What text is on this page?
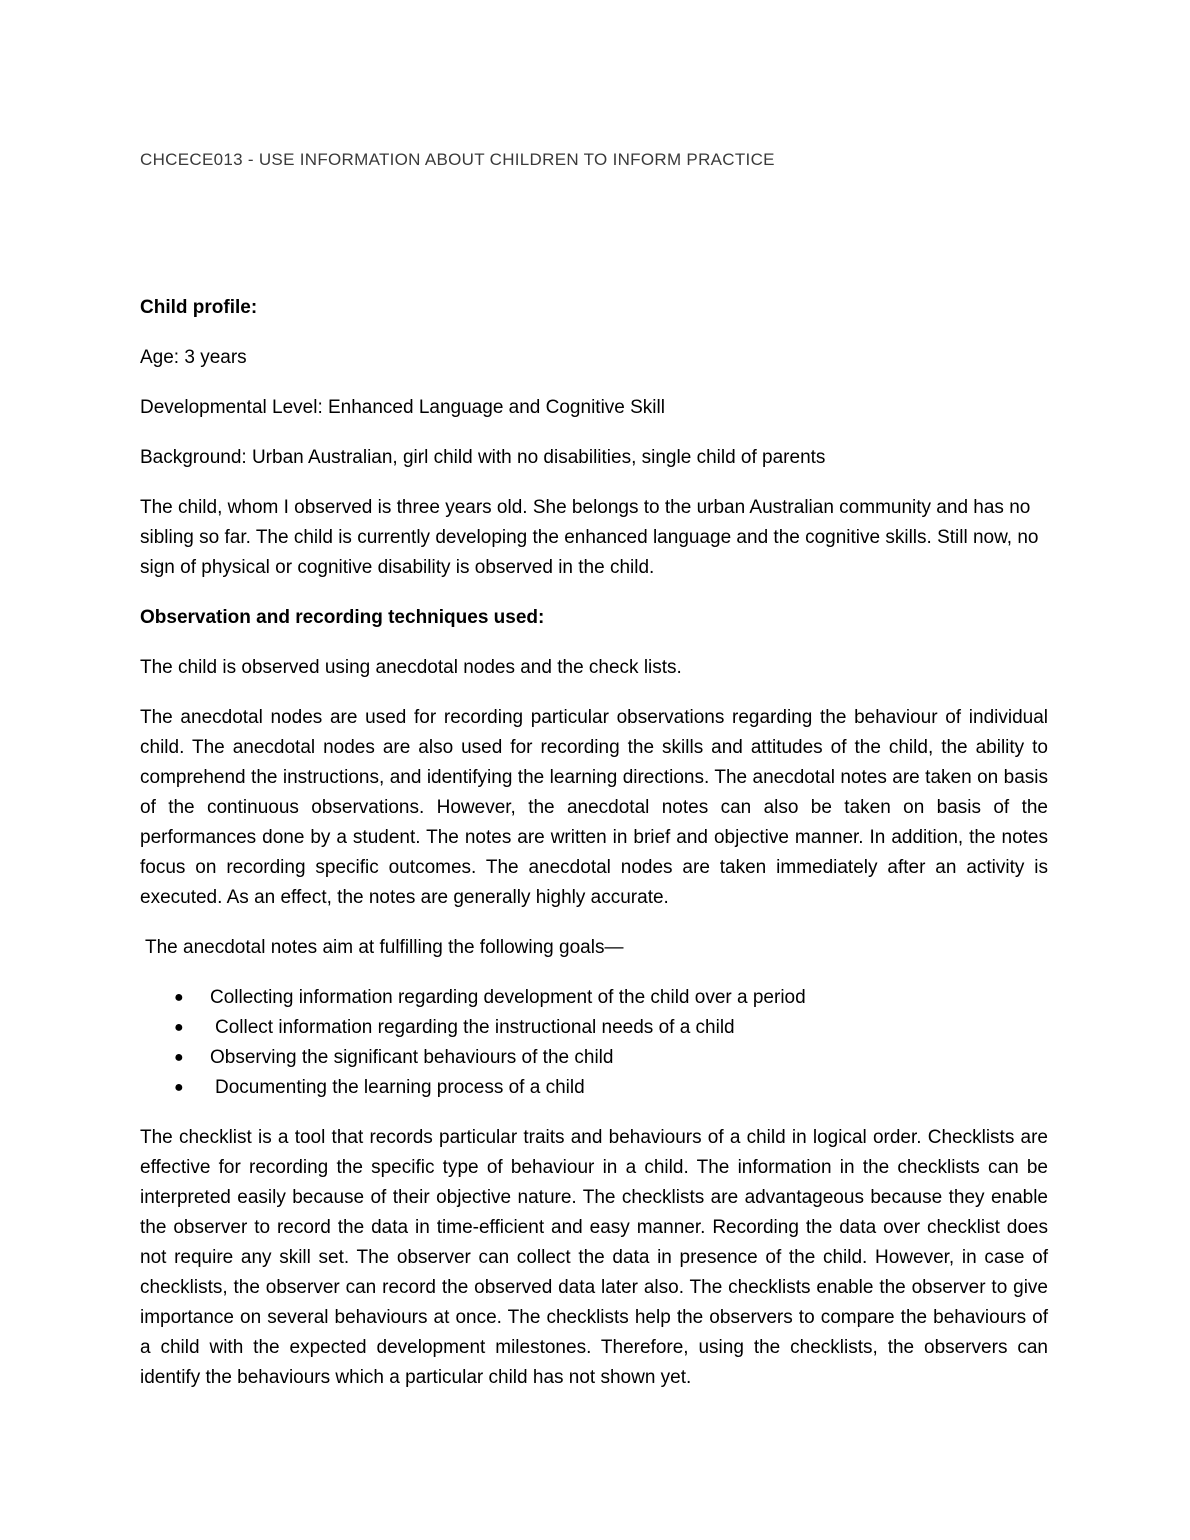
CHCECE013 - USE INFORMATION ABOUT CHILDREN TO INFORM PRACTICE

Child profile:

Age: 3 years

Developmental Level: Enhanced Language and Cognitive Skill

Background: Urban Australian, girl child with no disabilities, single child of parents

The child, whom I observed is three years old. She belongs to the urban Australian community and has no sibling so far. The child is currently developing the enhanced language and the cognitive skills. Still now, no sign of physical or cognitive disability is observed in the child.

Observation and recording techniques used:

The child is observed using anecdotal nodes and the check lists.

The anecdotal nodes are used for recording particular observations regarding the behaviour of individual child. The anecdotal nodes are also used for recording the skills and attitudes of the child, the ability to comprehend the instructions, and identifying the learning directions. The anecdotal notes are taken on basis of the continuous observations. However, the anecdotal notes can also be taken on basis of the performances done by a student. The notes are written in brief and objective manner. In addition, the notes focus on recording specific outcomes. The anecdotal nodes are taken immediately after an activity is executed. As an effect, the notes are generally highly accurate.

The anecdotal notes aim at fulfilling the following goals—

● Collecting information regarding development of the child over a period
● Collect information regarding the instructional needs of a child
● Observing the significant behaviours of the child
● Documenting the learning process of a child

The checklist is a tool that records particular traits and behaviours of a child in logical order. Checklists are effective for recording the specific type of behaviour in a child. The information in the checklists can be interpreted easily because of their objective nature. The checklists are advantageous because they enable the observer to record the data in time-efficient and easy manner. Recording the data over checklist does not require any skill set. The observer can collect the data in presence of the child. However, in case of checklists, the observer can record the observed data later also. The checklists enable the observer to give importance on several behaviours at once. The checklists help the observers to compare the behaviours of a child with the expected development milestones. Therefore, using the checklists, the observers can identify the behaviours which a particular child has not shown yet.
